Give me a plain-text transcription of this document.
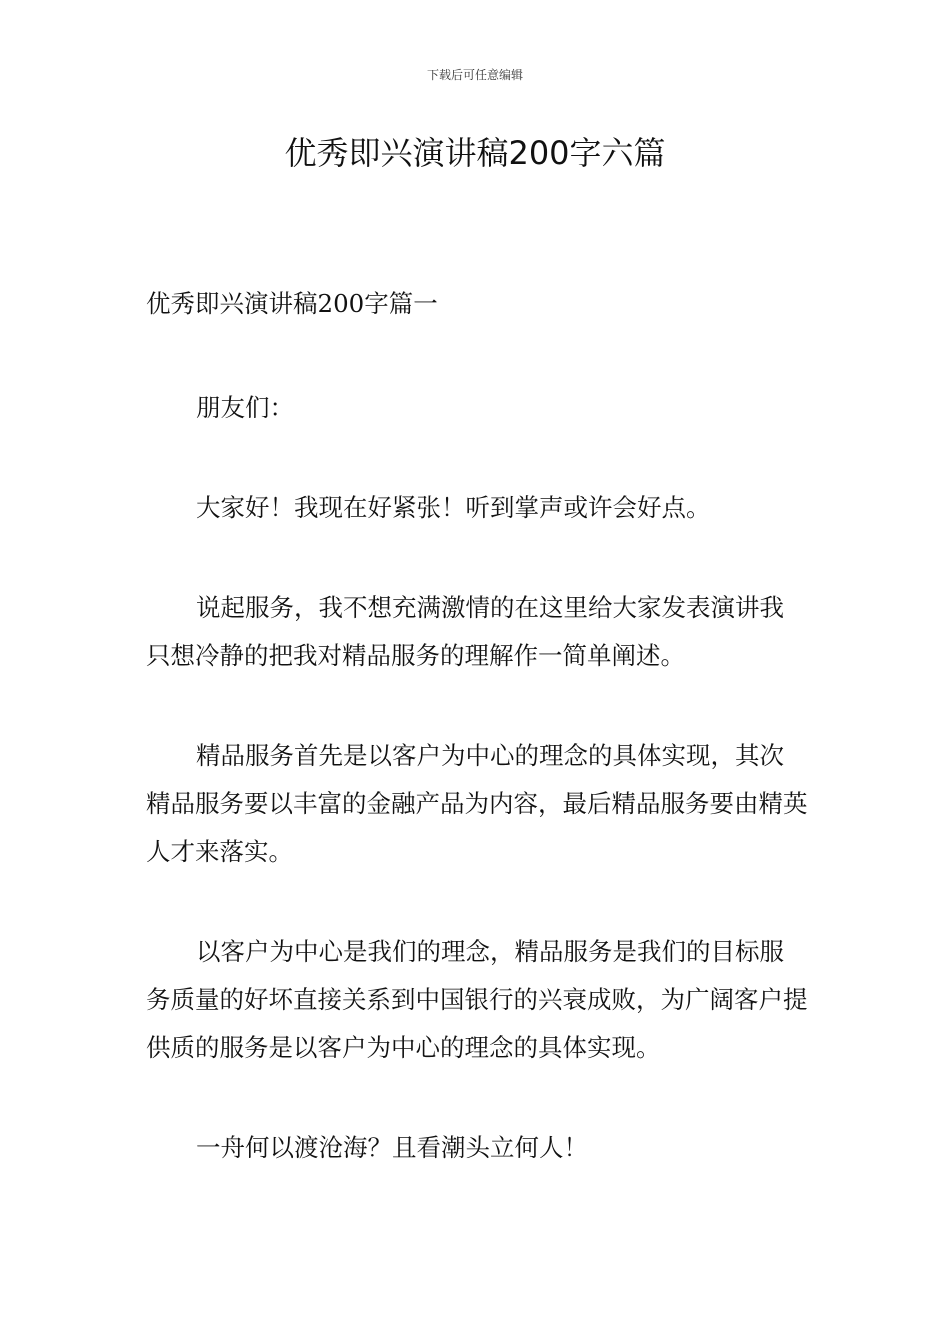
下载后可任意编辑
优秀即兴演讲稿200字六篇

优秀即兴演讲稿200字篇一

朋友们：

大家好！我现在好紧张！听到掌声或许会好点。

说起服务，我不想充满激情的在这里给大家发表演讲我只想冷静的把我对精品服务的理解作一简单阐述。

精品服务首先是以客户为中心的理念的具体实现，其次精品服务要以丰富的金融产品为内容，最后精品服务要由精英人才来落实。

以客户为中心是我们的理念，精品服务是我们的目标服务质量的好坏直接关系到中国银行的兴衰成败，为广阔客户提供质的服务是以客户为中心的理念的具体实现。

一舟何以渡沧海？且看潮头立何人！
